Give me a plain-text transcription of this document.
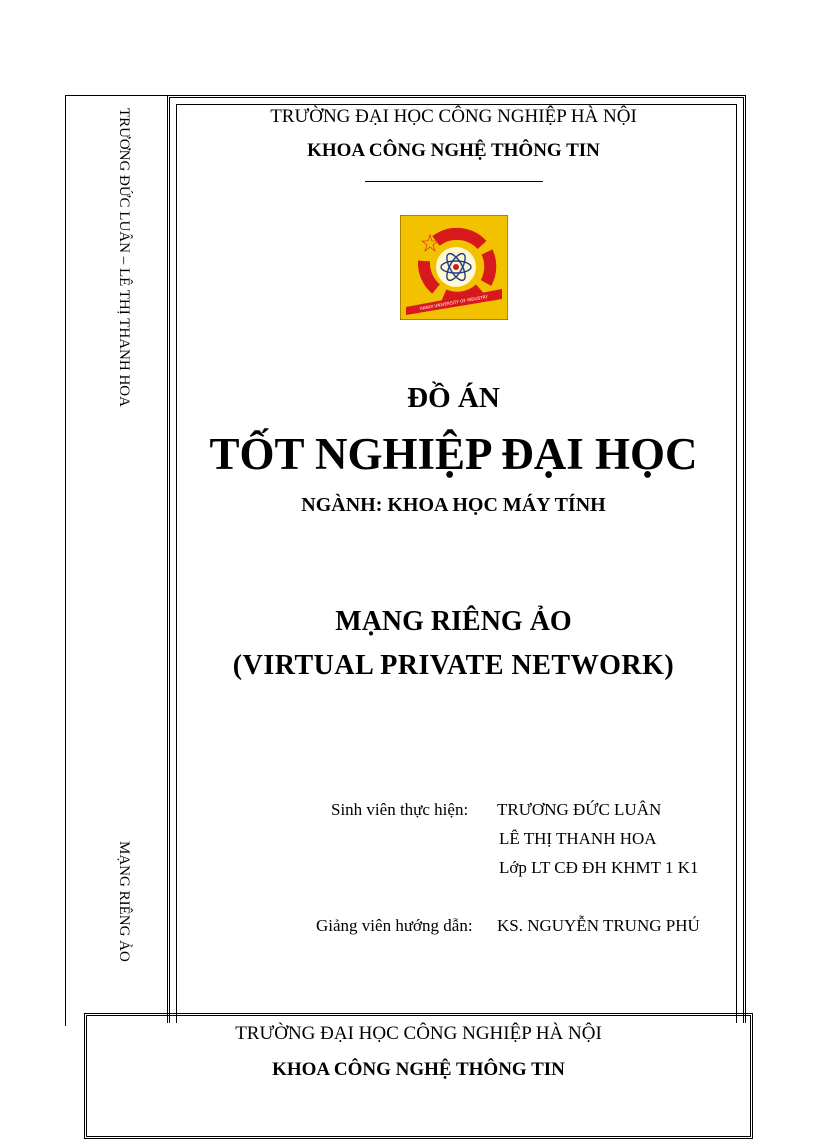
TRƯƠNG ĐỨC LUÂN – LÊ THỊ THANH HOA
MẠNG RIÊNG ẢO
TRƯỜNG ĐẠI HỌC CÔNG NGHIỆP HÀ NỘI
KHOA CÔNG NGHỆ THÔNG TIN
HANOI UNIVERSITY OF INDUSTRY
ĐỒ ÁN
TỐT NGHIỆP ĐẠI HỌC
NGÀNH: KHOA HỌC MÁY TÍNH
MẠNG RIÊNG ẢO
(VIRTUAL PRIVATE NETWORK)
Sinh viên thực hiện: TRƯƠNG ĐỨC LUÂN
LÊ THỊ THANH HOA
Lớp LT CĐ ĐH KHMT 1 K1
Giảng viên hướng dẫn: KS. NGUYỄN TRUNG PHÚ
TRƯỜNG ĐẠI HỌC CÔNG NGHIỆP HÀ NỘI
KHOA CÔNG NGHỆ THÔNG TIN
